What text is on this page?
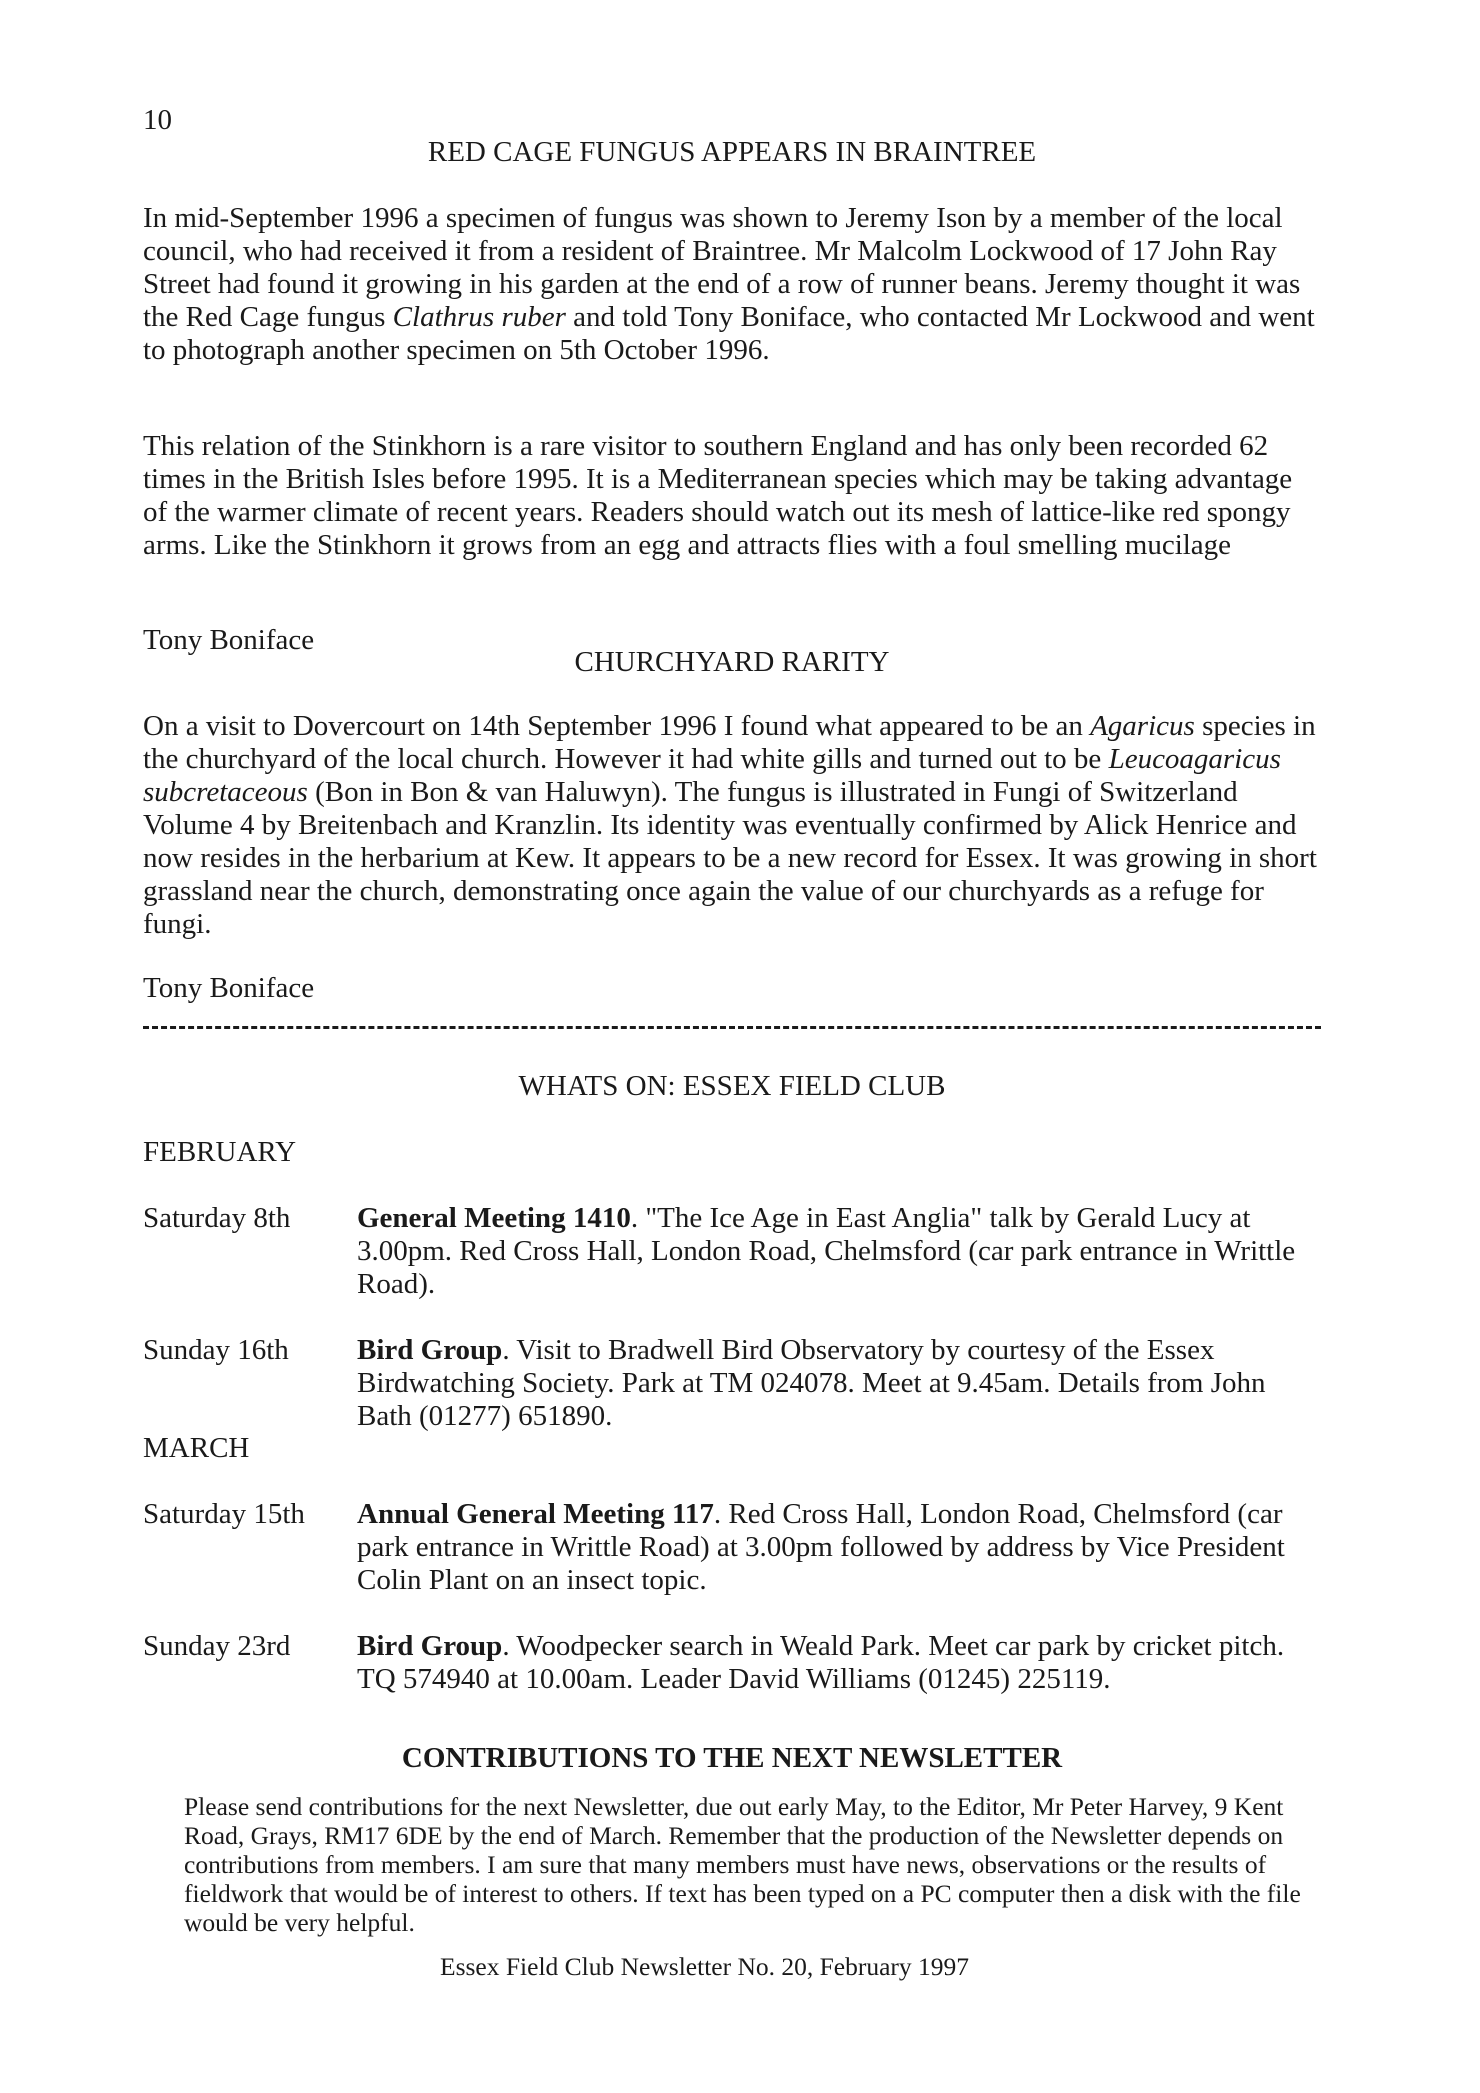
10
RED CAGE FUNGUS APPEARS IN BRAINTREE

In mid-September 1996 a specimen of fungus was shown to Jeremy Ison by a member of the local council, who had received it from a resident of Braintree. Mr Malcolm Lockwood of 17 John Ray Street had found it growing in his garden at the end of a row of runner beans. Jeremy thought it was the Red Cage fungus Clathrus ruber and told Tony Boniface, who contacted Mr Lockwood and went to photograph another specimen on 5th October 1996.

This relation of the Stinkhorn is a rare visitor to southern England and has only been recorded 62 times in the British Isles before 1995. It is a Mediterranean species which may be taking advantage of the warmer climate of recent years. Readers should watch out its mesh of lattice-like red spongy arms. Like the Stinkhorn it grows from an egg and attracts flies with a foul smelling mucilage
Tony Boniface
CHURCHYARD RARITY

On a visit to Dovercourt on 14th September 1996 I found what appeared to be an Agaricus species in the churchyard of the local church. However it had white gills and turned out to be Leucoagaricus subcretaceous (Bon in Bon & van Haluwyn). The fungus is illustrated in Fungi of Switzerland Volume 4 by Breitenbach and Kranzlin. Its identity was eventually confirmed by Alick Henrice and now resides in the herbarium at Kew. It appears to be a new record for Essex. It was growing in short grassland near the church, demonstrating once again the value of our churchyards as a refuge for fungi.

Tony Boniface
WHATS ON: ESSEX FIELD CLUB
FEBRUARY
Saturday 8th General Meeting 1410. "The Ice Age in East Anglia" talk by Gerald Lucy at 3.00pm. Red Cross Hall, London Road, Chelmsford (car park entrance in Writtle Road).
Sunday 16th Bird Group. Visit to Bradwell Bird Observatory by courtesy of the Essex Birdwatching Society. Park at TM 024078. Meet at 9.45am. Details from John Bath (01277) 651890.
MARCH
Saturday 15th Annual General Meeting 117. Red Cross Hall, London Road, Chelmsford (car park entrance in Writtle Road) at 3.00pm followed by address by Vice President Colin Plant on an insect topic.
Sunday 23rd Bird Group. Woodpecker search in Weald Park. Meet car park by cricket pitch. TQ 574940 at 10.00am. Leader David Williams (01245) 225119.
CONTRIBUTIONS TO THE NEXT NEWSLETTER
Please send contributions for the next Newsletter, due out early May, to the Editor, Mr Peter Harvey, 9 Kent Road, Grays, RM17 6DE by the end of March. Remember that the production of the Newsletter depends on contributions from members. I am sure that many members must have news, observations or the results of fieldwork that would be of interest to others. If text has been typed on a PC computer then a disk with the file would be very helpful.
Essex Field Club Newsletter No. 20, February 1997
